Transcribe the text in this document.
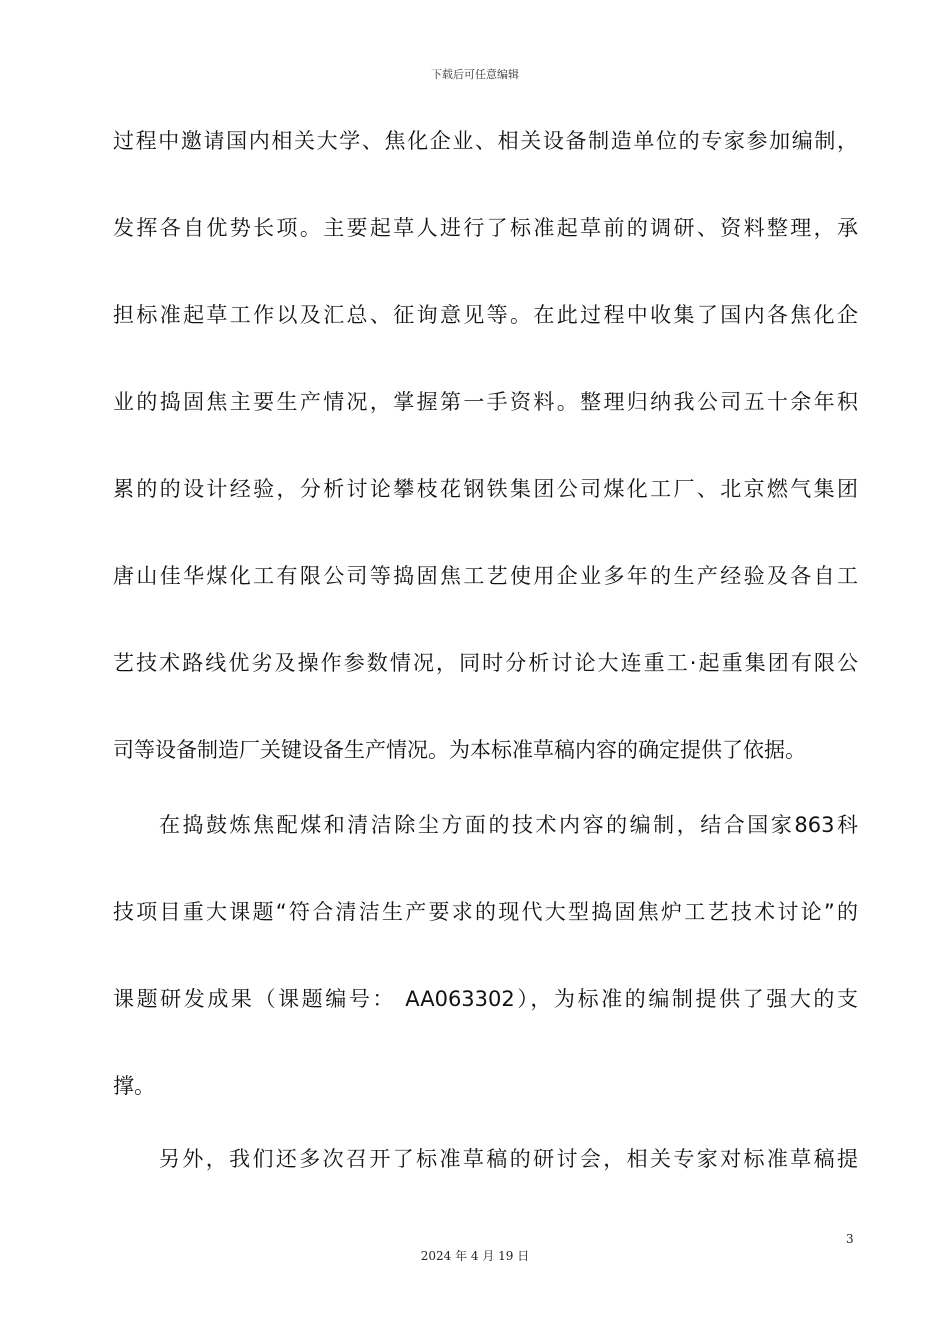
下载后可任意编辑
过程中邀请国内相关大学、焦化企业、相关设备制造单位的专家参加编制，
发挥各自优势长项。主要起草人进行了标准起草前的调研、资料整理，承
担标准起草工作以及汇总、征询意见等。在此过程中收集了国内各焦化企
业的捣固焦主要生产情况，掌握第一手资料。整理归纳我公司五十余年积
累的的设计经验，分析讨论攀枝花钢铁集团公司煤化工厂、北京燃气集团
唐山佳华煤化工有限公司等捣固焦工艺使用企业多年的生产经验及各自工
艺技术路线优劣及操作参数情况，同时分析讨论大连重工·起重集团有限公
司等设备制造厂关键设备生产情况。为本标准草稿内容的确定提供了依据。
在捣鼓炼焦配煤和清洁除尘方面的技术内容的编制，结合国家863科
技项目重大课题“符合清洁生产要求的现代大型捣固焦炉工艺技术讨论”的
课题研发成果（课题编号： AA063302），为标准的编制提供了强大的支
撑。
另外，我们还多次召开了标准草稿的研讨会，相关专家对标准草稿提
3
2024 年 4 月 19 日
